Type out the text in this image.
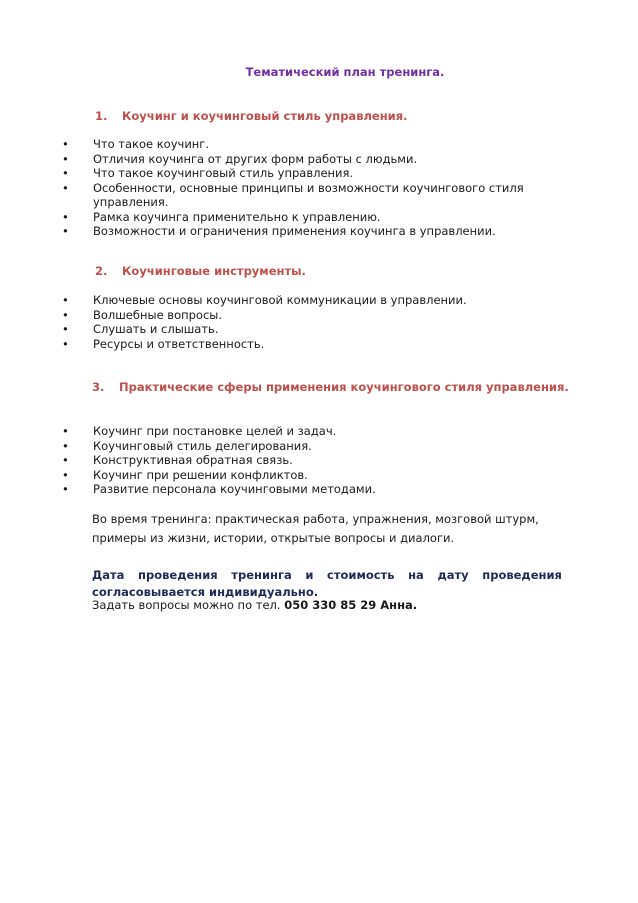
Тематический план тренинга.
1. Коучинг и коучинговый стиль управления.
• Что такое коучинг.
• Отличия коучинга от других форм работы с людьми.
• Что такое коучинговый стиль управления.
• Особенности, основные принципы и возможности коучингового стиля управления.
• Рамка коучинга применительно к управлению.
• Возможности и ограничения применения коучинга в управлении.
2. Коучинговые инструменты.
• Ключевые основы коучинговой коммуникации в управлении.
• Волшебные вопросы.
• Слушать и слышать.
• Ресурсы и ответственность.
3. Практические сферы применения коучингового стиля управления.
• Коучинг при постановке целей и задач.
• Коучинговый стиль делегирования.
• Конструктивная обратная связь.
• Коучинг при решении конфликтов.
• Развитие персонала коучинговыми методами.
Во время тренинга: практическая работа, упражнения, мозговой штурм, примеры из жизни, истории, открытые вопросы и диалоги.
Дата проведения тренинга и стоимость на дату проведения
согласовывается индивидуально.
Задать вопросы можно по тел. 050 330 85 29 Анна.
